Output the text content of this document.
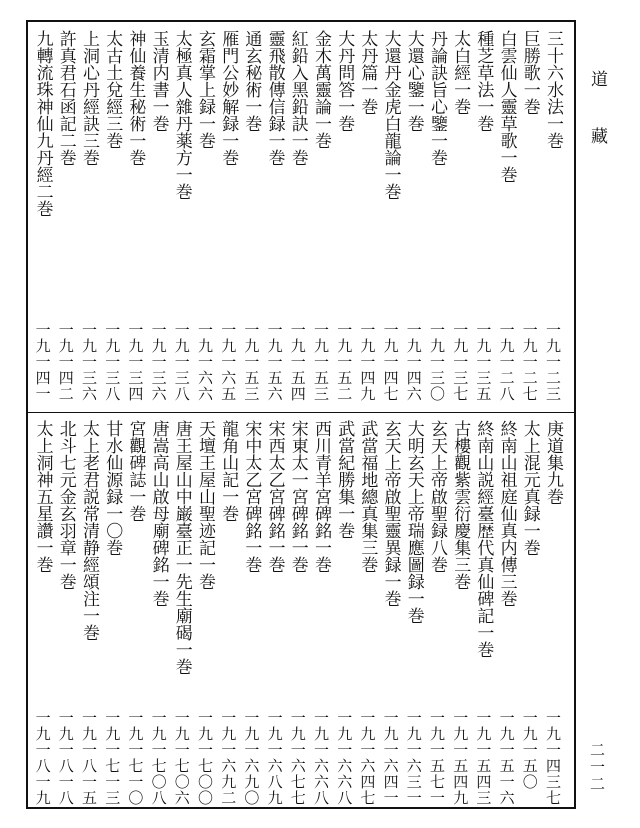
道藏
二一二
三十六水法一巻
一九一二三
巨勝歌一巻
一九一二七
白雲仙人靈草歌一巻
一九一二八
種芝草法一巻
一九一三五
太白經一巻
一九一三七
丹論訣旨心鑒一巻
一九一三〇
大還心鑒一巻
一九一四六
大還丹金虎白龍論一巻
一九一四七
太丹篇一巻
一九一四九
大丹問答一巻
一九一五二
金木萬靈論一巻
一九一五三
紅鉛入黑鉛訣一巻
一九一五四
靈飛散傳信録一巻
一九一五六
通玄秘術一巻
一九一五三
雁門公妙解録一巻
一九一六五
玄霜掌上録一巻
一九一六六
太極真人雜丹薬方一巻
一九一三八
玉清内書一巻
一九一三六
神仙養生秘術一巻
一九一三四
太古土兌經三巻
一九一三八
上洞心丹經訣三巻
一九一三六
許真君石函記二巻
一九一四二
九轉流珠神仙九丹經二巻
一九一四一
庚道集九巻
一九一四三七
太上混元真録一巻
一九一五〇
終南山祖庭仙真内傳三巻
一九一五一六
終南山説經臺歴代真仙碑記一巻
一九一五四三
古樓觀紫雲衍慶集三巻
一九一五四九
玄天上帝啟聖録八巻
一九一五七一
大明玄天上帝瑞應圖録一巻
一九一六三一
玄天上帝啟聖靈異録一巻
一九一六四一
武當福地總真集三巻
一九一六四七
武當紀勝集一巻
一九一六六八
西川青羊宮碑銘一巻
一九一六六八
宋東太一宮碑銘一巻
一九一六七七
宋西太乙宮碑銘一巻
一九一六八九
宋中太乙宮碑銘一巻
一九一六九〇
龍角山記一巻
一九一六九二
天壇王屋山聖迹記一巻
一九一七〇〇
唐王屋山中巌臺正一先生廟碣一巻
一九一七〇六
唐嵩高山啟母廟碑銘一巻
一九一七〇八
宮觀碑誌一巻
一九一七一〇
甘水仙源録一〇巻
一九一七一三
太上老君説常清静經頌注一巻
一九一八一五
北斗七元金玄羽章一巻
一九一八一八
太上洞神五星讚一巻
一九一八一九
